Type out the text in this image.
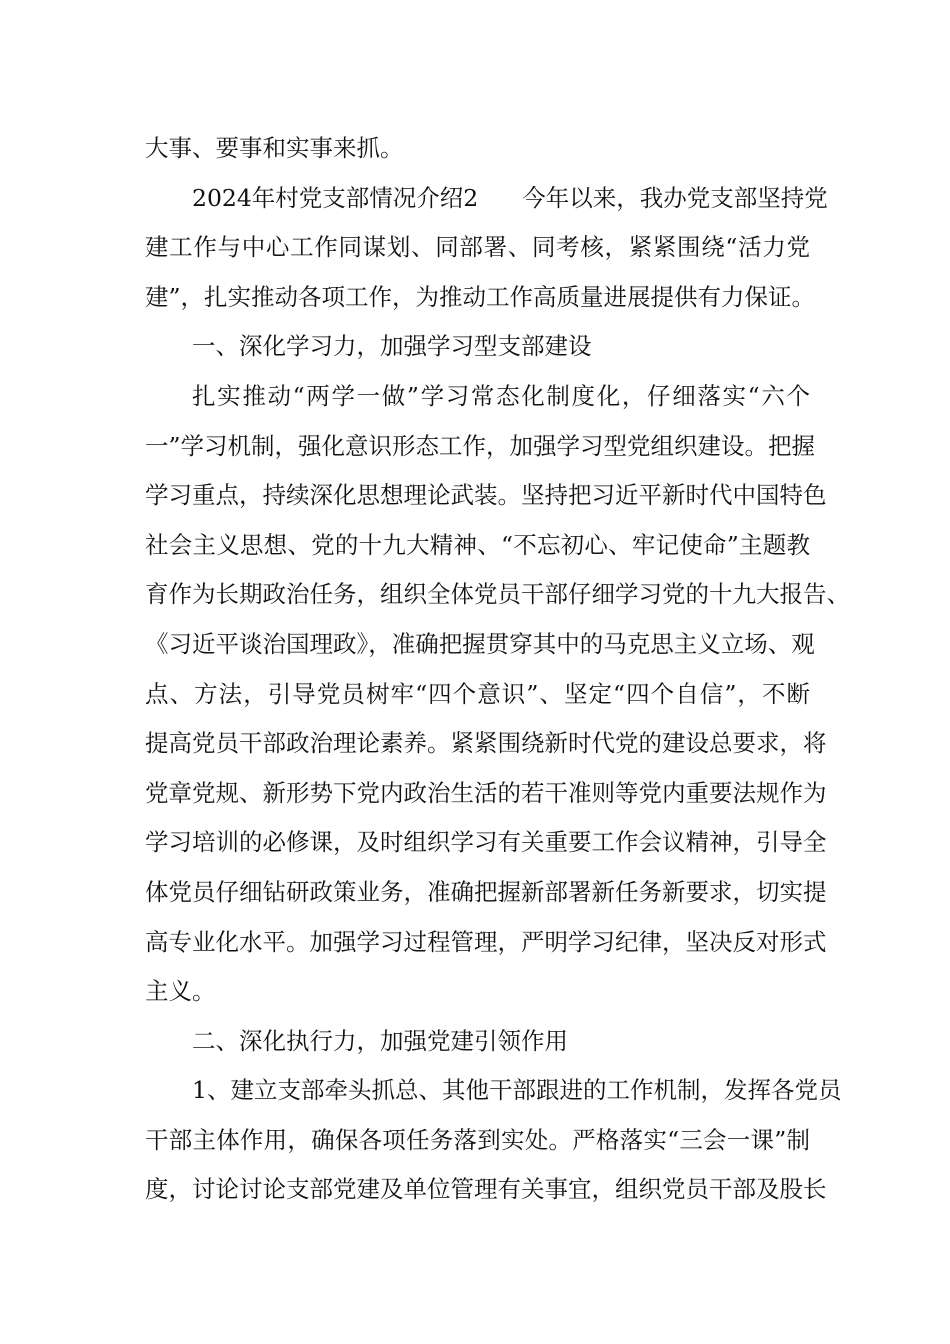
大事、要事和实事来抓。
2024年村党支部情况介绍2 今年以来，我办党支部坚持党
建工作与中心工作同谋划、同部署、同考核，紧紧围绕“活力党
建”，扎实推动各项工作，为推动工作高质量进展提供有力保证。
一、深化学习力，加强学习型支部建设
扎实推动“两学一做”学习常态化制度化，仔细落实“六个
一”学习机制，强化意识形态工作，加强学习型党组织建设。把握
学习重点，持续深化思想理论武装。坚持把习近平新时代中国特色
社会主义思想、党的十九大精神、“不忘初心、牢记使命”主题教
育作为长期政治任务，组织全体党员干部仔细学习党的十九大报告、
《习近平谈治国理政》，准确把握贯穿其中的马克思主义立场、观
点、方法，引导党员树牢“四个意识”、坚定“四个自信”，不断
提高党员干部政治理论素养。紧紧围绕新时代党的建设总要求，将
党章党规、新形势下党内政治生活的若干准则等党内重要法规作为
学习培训的必修课，及时组织学习有关重要工作会议精神，引导全
体党员仔细钻研政策业务，准确把握新部署新任务新要求，切实提
高专业化水平。加强学习过程管理，严明学习纪律，坚决反对形式
主义。
二、深化执行力，加强党建引领作用
1、建立支部牵头抓总、其他干部跟进的工作机制，发挥各党员
干部主体作用，确保各项任务落到实处。严格落实“三会一课”制
度，讨论讨论支部党建及单位管理有关事宜，组织党员干部及股长
